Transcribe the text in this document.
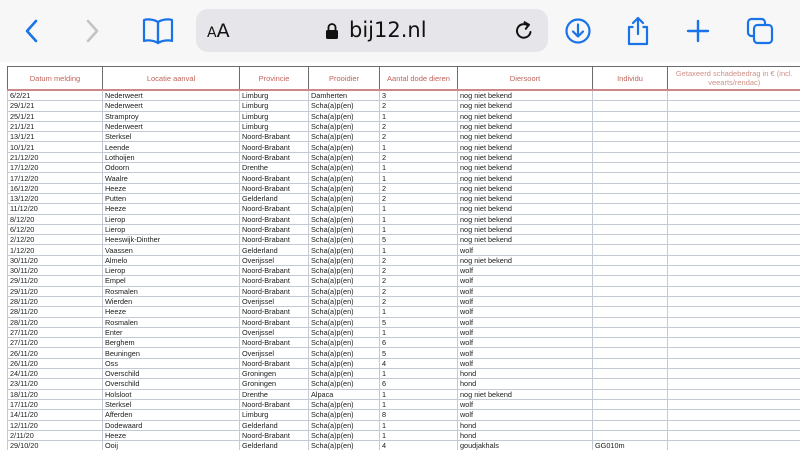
AA	bij12.nl
Datum melding	Locatie aanval	Provincie	Prooidier	Aantal dode dieren	Diersoort	Individu	Getaxeerd schadebedrag in € (incl. veearts/rendac)
6/2/21	Nederweert	Limburg	Damherten	3	nog niet bekend		
29/1/21	Nederweert	Limburg	Scha(a)p(en)	2	nog niet bekend		
25/1/21	Stramproy	Limburg	Scha(a)p(en)	1	nog niet bekend		
21/1/21	Nederweert	Limburg	Scha(a)p(en)	2	nog niet bekend		
13/1/21	Sterksel	Noord-Brabant	Scha(a)p(en)	2	nog niet bekend		
10/1/21	Leende	Noord-Brabant	Scha(a)p(en)	1	nog niet bekend		
21/12/20	Lothoijen	Noord-Brabant	Scha(a)p(en)	2	nog niet bekend		
17/12/20	Odoorn	Drenthe	Scha(a)p(en)	1	nog niet bekend		
17/12/20	Waalre	Noord-Brabant	Scha(a)p(en)	1	nog niet bekend		
16/12/20	Heeze	Noord-Brabant	Scha(a)p(en)	2	nog niet bekend		
13/12/20	Putten	Gelderland	Scha(a)p(en)	2	nog niet bekend		
11/12/20	Heeze	Noord-Brabant	Scha(a)p(en)	1	nog niet bekend		
8/12/20	Lierop	Noord-Brabant	Scha(a)p(en)	1	nog niet bekend		
6/12/20	Lierop	Noord-Brabant	Scha(a)p(en)	1	nog niet bekend		
2/12/20	Heeswijk-Dinther	Noord-Brabant	Scha(a)p(en)	5	nog niet bekend		
1/12/20	Vaassen	Gelderland	Scha(a)p(en)	1	wolf		
30/11/20	Almelo	Overijssel	Scha(a)p(en)	2	nog niet bekend		
30/11/20	Lierop	Noord-Brabant	Scha(a)p(en)	2	wolf		
29/11/20	Empel	Noord-Brabant	Scha(a)p(en)	2	wolf		
29/11/20	Rosmalen	Noord-Brabant	Scha(a)p(en)	2	wolf		
28/11/20	Wierden	Overijssel	Scha(a)p(en)	2	wolf		
28/11/20	Heeze	Noord-Brabant	Scha(a)p(en)	1	wolf		
28/11/20	Rosmalen	Noord-Brabant	Scha(a)p(en)	5	wolf		
27/11/20	Enter	Overijssel	Scha(a)p(en)	1	wolf		
27/11/20	Berghem	Noord-Brabant	Scha(a)p(en)	6	wolf		
26/11/20	Beuningen	Overijssel	Scha(a)p(en)	5	wolf		
26/11/20	Oss	Noord-Brabant	Scha(a)p(en)	4	wolf		
24/11/20	Overschild	Groningen	Scha(a)p(en)	1	hond		
23/11/20	Overschild	Groningen	Scha(a)p(en)	6	hond		
18/11/20	Holsloot	Drenthe	Alpaca	1	nog niet bekend		
17/11/20	Sterksel	Noord-Brabant	Scha(a)p(en)	1	wolf		
14/11/20	Afferden	Limburg	Scha(a)p(en)	8	wolf		
12/11/20	Dodewaard	Gelderland	Scha(a)p(en)	1	hond		
2/11/20	Heeze	Noord-Brabant	Scha(a)p(en)	1	hond		
29/10/20	Ooij	Gelderland	Scha(a)p(en)	4	goudjakhals	GG010m	
